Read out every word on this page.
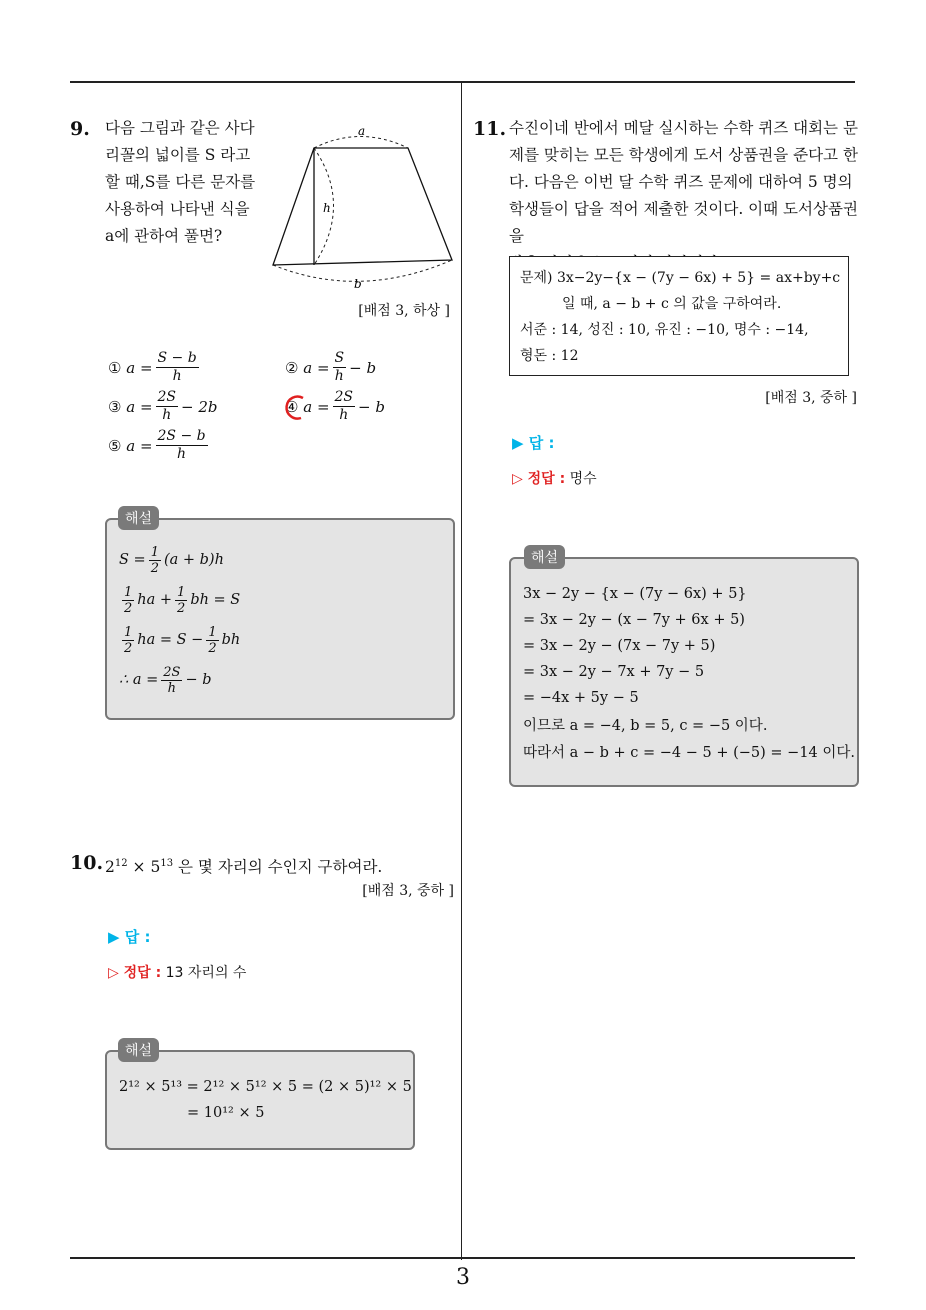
3
9. 다음 그림과 같은 사다
리꼴의 넓이를 S 라고
할 때,S를 다른 문자를
사용하여 나타낸 식을
a에 관하여 풀면?
a
h
b
[배점 3, 하상 ]
①
$a = \frac{S - b}{h}$	②
$a = \frac{S}{h} - b$
③
$a = \frac{2S}{h} - 2b$	④
$a = \frac{2S}{h} - b$
⑤
$a = \frac{2S - b}{h}$
$S = \frac{1}{2} (a + b)h$
$\frac{1}{2}$ ha + $\frac{1}{2}$ bh = S
$\frac{1}{2}$ ha = $S - \frac{1}{2}$ bh
∴ $a = \frac{2S}{h} - b$
해설
10. $2^{12} \times 5^{13}$ 은 몇 자리의 수인지 구하여라.
[배점 3, 중하 ]
▶ 답 :
▷ 정답 :
13 자리의 수
2¹² × 5¹³ = 2¹² × 5¹² × 5 = (2 × 5)¹² × 5
= 10¹² × 5
해설
11. 수진이네 반에서 메달 실시하는 수학 퀴즈 대회는 문
제를 맞히는 모든 학생에게 도서 상품권을 준다고 한
다. 다음은 이번 달 수학 퀴즈 문제에 대하여 5 명의
학생들이 답을 적어 제출한 것이다. 이때 도서상품권을
문제) 3x−2y−{x − (7y − 6x) + 5} = ax+by+c
일 때, a − b + c 의 값을 구하여라.
서준 : 14, 성진 : 10, 유진 : −10, 명수 : −14,
형돈 : 12
[배점 3, 중하 ]
▶ 답 :
▷ 정답 :
명수
3x − 2y − {x − (7y − 6x) + 5}
= 3x − 2y − (x − 7y + 6x + 5)
= 3x − 2y − (7x − 7y + 5)
= 3x − 2y − 7x + 7y − 5
= −4x + 5y − 5
이므로 a = −4, b = 5, c = −5 이다.
따라서 a − b + c = −4 − 5 + (−5) = −14 이다.
해설
